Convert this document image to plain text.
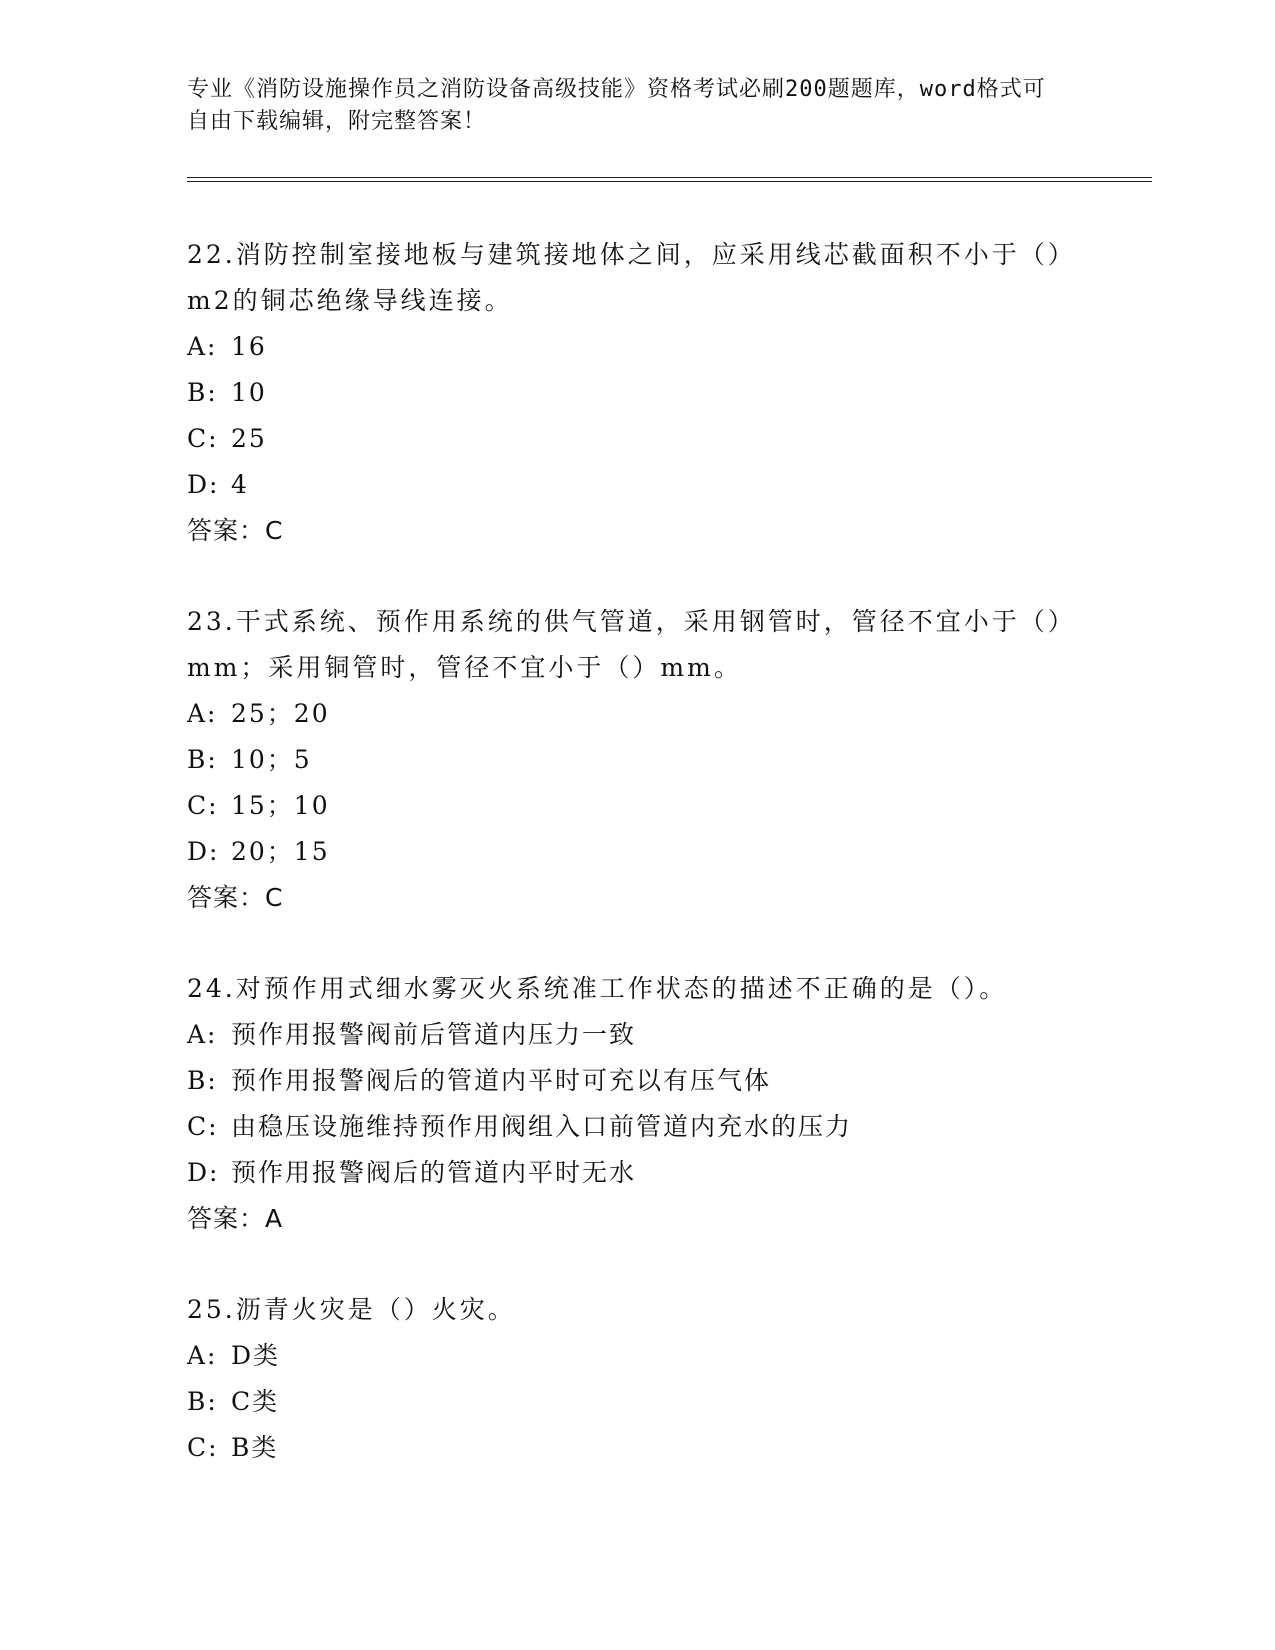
专业《消防设施操作员之消防设备高级技能》资格考试必刷200题题库，word格式可自由下载编辑，附完整答案！
22.消防控制室接地板与建筑接地体之间，应采用线芯截面积不小于（）m2的铜芯绝缘导线连接。
A: 16
B: 10
C: 25
D: 4
答案：C
23.干式系统、预作用系统的供气管道，采用钢管时，管径不宜小于（）mm；采用铜管时，管径不宜小于（）mm。
A: 25；20
B: 10；5
C: 15；10
D: 20；15
答案：C
24.对预作用式细水雾灭火系统准工作状态的描述不正确的是（）。
A: 预作用报警阀前后管道内压力一致
B: 预作用报警阀后的管道内平时可充以有压气体
C: 由稳压设施维持预作用阀组入口前管道内充水的压力
D: 预作用报警阀后的管道内平时无水
答案：A
25.沥青火灾是（）火灾。
A: D类
B: C类
C: B类
